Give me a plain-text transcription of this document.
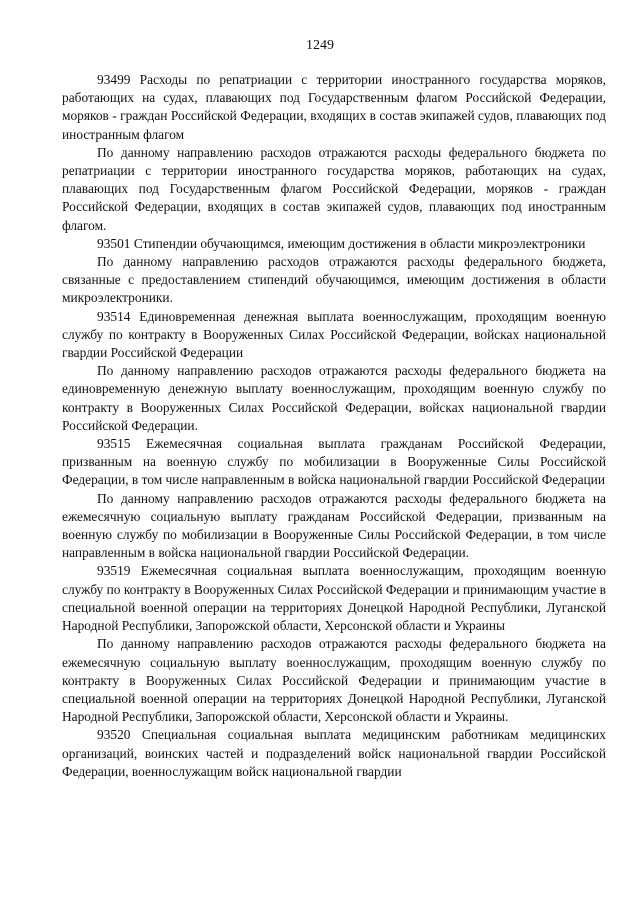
1249

93499 Расходы по репатриации с территории иностранного государства моряков, работающих на судах, плавающих под Государственным флагом Российской Федерации, моряков - граждан Российской Федерации, входящих в состав экипажей судов, плавающих под иностранным флагом

По данному направлению расходов отражаются расходы федерального бюджета по репатриации с территории иностранного государства моряков, работающих на судах, плавающих под Государственным флагом Российской Федерации, моряков - граждан Российской Федерации, входящих в состав экипажей судов, плавающих под иностранным флагом.

93501 Стипендии обучающимся, имеющим достижения в области микроэлектроники

По данному направлению расходов отражаются расходы федерального бюджета, связанные с предоставлением стипендий обучающимся, имеющим достижения в области микроэлектроники.

93514 Единовременная денежная выплата военнослужащим, проходящим военную службу по контракту в Вооруженных Силах Российской Федерации, войсках национальной гвардии Российской Федерации

По данному направлению расходов отражаются расходы федерального бюджета на единовременную денежную выплату военнослужащим, проходящим военную службу по контракту в Вооруженных Силах Российской Федерации, войсках национальной гвардии Российской Федерации.

93515 Ежемесячная социальная выплата гражданам Российской Федерации, призванным на военную службу по мобилизации в Вооруженные Силы Российской Федерации, в том числе направленным в войска национальной гвардии Российской Федерации

По данному направлению расходов отражаются расходы федерального бюджета на ежемесячную социальную выплату гражданам Российской Федерации, призванным на военную службу по мобилизации в Вооруженные Силы Российской Федерации, в том числе направленным в войска национальной гвардии Российской Федерации.

93519 Ежемесячная социальная выплата военнослужащим, проходящим военную службу по контракту в Вооруженных Силах Российской Федерации и принимающим участие в специальной военной операции на территориях Донецкой Народной Республики, Луганской Народной Республики, Запорожской области, Херсонской области и Украины

По данному направлению расходов отражаются расходы федерального бюджета на ежемесячную социальную выплату военнослужащим, проходящим военную службу по контракту в Вооруженных Силах Российской Федерации и принимающим участие в специальной военной операции на территориях Донецкой Народной Республики, Луганской Народной Республики, Запорожской области, Херсонской области и Украины.

93520 Специальная социальная выплата медицинским работникам медицинских организаций, воинских частей и подразделений войск национальной гвардии Российской Федерации, военнослужащим войск национальной гвардии
